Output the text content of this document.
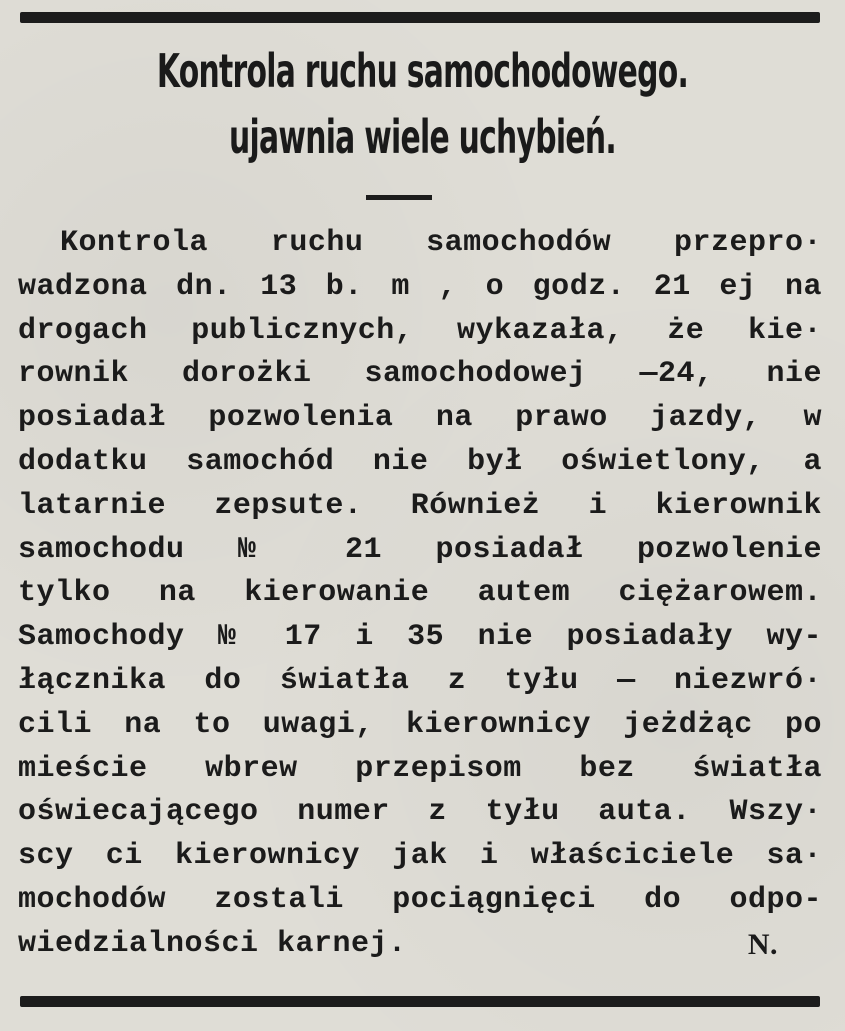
Kontrola ruchu samochodowego.
ujawnia wiele uchybień.
Kontrola ruchu samochodów przepro·
wadzona dn. 13 b. m , o godz. 21 ej na
drogach publicznych, wykazała, że kie·
rownik dorożki samochodowej —24, nie
posiadał pozwolenia na prawo jazdy, w
dodatku samochód nie był oświetlony, a
latarnie zepsute. Również i kierownik
samochodu № 21 posiadał pozwolenie
tylko na kierowanie autem ciężarowem.
Samochody № 17 i 35 nie posiadały wy-
łącznika do światła z tyłu — niezwró·
cili na to uwagi, kierownicy jeżdżąc po
mieście wbrew przepisom bez światła
oświecającego numer z tyłu auta. Wszy·
scy ci kierownicy jak i właściciele sa·
mochodów zostali pociągnięci do odpo-
wiedzialności karnej.	N.
